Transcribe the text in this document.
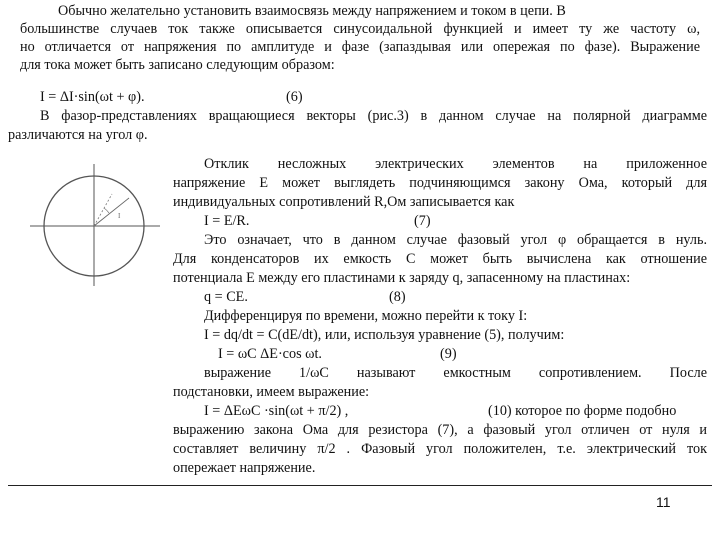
Обычно желательно установить взаимосвязь между напряжением и током в цепи. В
большинстве случаев ток также описывается синусоидальной функцией и имеет ту же частоту ω,
но отличается от напряжения по амплитуде и фазе (запаздывая или опережая по фазе). Выражение
для тока может быть записано следующим образом:
I = ΔI·sin(ωt + φ).	(6)
В фазор-представлениях вращающиеся векторы (рис.3) в данном случае на полярной диаграмме
различаются на угол φ.
Ι
Отклик несложных электрических элементов на приложенное
напряжение Е может выглядеть подчиняющимся закону Ома, который для
индивидуальных сопротивлений R,Ом записывается как
I = E/R.	(7)
Это означает, что в данном случае фазовый угол φ обращается в нуль.
Для конденсаторов их емкость С может быть вычислена как отношение
потенциала Е между его пластинами к заряду q, запасенному на пластинах:
q = CE.	(8)
Дифференцируя по времени, можно перейти к току I:
I = dq/dt = C(dE/dt), или, используя уравнение (5), получим:
I = ωC ΔE·cos ωt.	(9)
выражение 1/ωC называют емкостным сопротивлением. После
подстановки, имеем выражение:
I = ΔEωC ·sin(ωt + π/2) ,	(10) которое по форме подобно
выражению закона Ома для резистора (7), а фазовый угол отличен от нуля и
составляет величину π/2 . Фазовый угол положителен, т.е. электрический ток
опережает напряжение.
11
